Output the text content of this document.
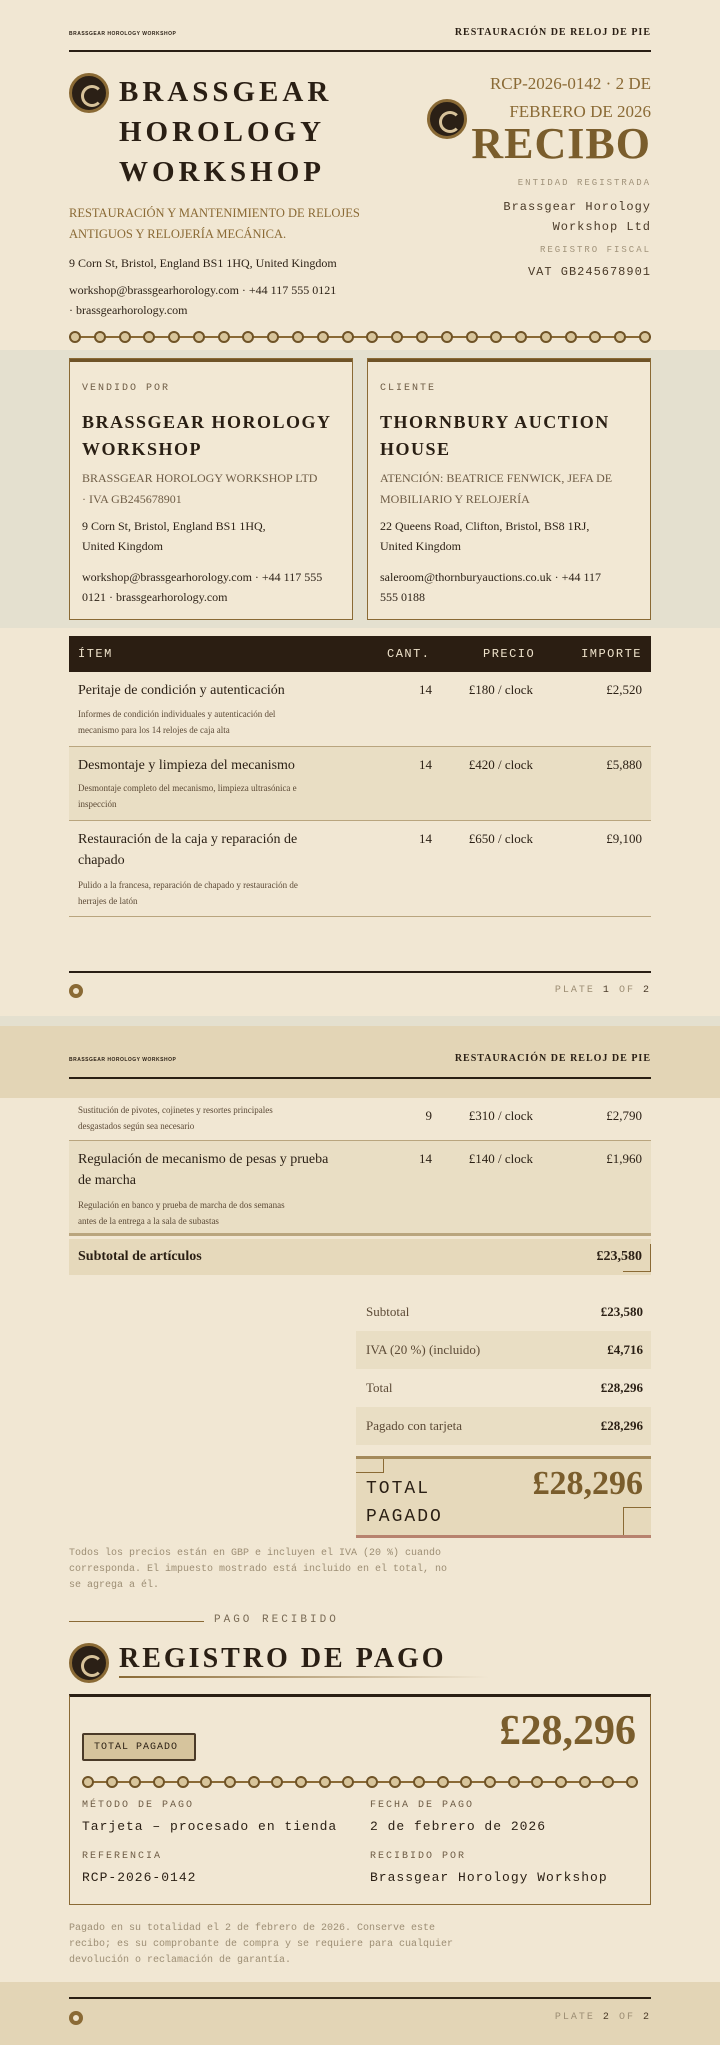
BRASSGEAR HOROLOGY WORKSHOP	RESTAURACIÓN DE RELOJ DE PIE
BRASSGEAR
HOROLOGY
WORKSHOP
RESTAURACIÓN Y MANTENIMIENTO DE RELOJES
ANTIGUOS Y RELOJERÍA MECÁNICA.
9 Corn St, Bristol, England BS1 1HQ, United Kingdom
workshop@brassgearhorology.com · +44 117 555 0121
· brassgearhorology.com
RCP-2026-0142 · 2 DE
FEBRERO DE 2026
RECIBO
ENTIDAD REGISTRADA
Brassgear Horology
Workshop Ltd
REGISTRO FISCAL
VAT GB245678901
VENDIDO POR
BRASSGEAR HOROLOGY
WORKSHOP
BRASSGEAR HOROLOGY WORKSHOP LTD
· IVA GB245678901
9 Corn St, Bristol, England BS1 1HQ,
United Kingdom
workshop@brassgearhorology.com · +44 117 555
0121 · brassgearhorology.com
CLIENTE
THORNBURY AUCTION
HOUSE
ATENCIÓN: BEATRICE FENWICK, JEFA DE
MOBILIARIO Y RELOJERÍA
22 Queens Road, Clifton, Bristol, BS8 1RJ,
United Kingdom
saleroom@thornburyauctions.co.uk · +44 117
555 0188
ÍTEM	CANT.	PRECIO	IMPORTE
Peritaje de condición y autenticación
Informes de condición individuales y autenticación del
mecanismo para los 14 relojes de caja alta
14	£180 / clock	£2,520
Desmontaje y limpieza del mecanismo
Desmontaje completo del mecanismo, limpieza ultrasónica e
inspección
14	£420 / clock	£5,880
Restauración de la caja y reparación de
chapado
Pulido a la francesa, reparación de chapado y restauración de
herrajes de latón
14	£650 / clock	£9,100
PLATE 1 OF 2
BRASSGEAR HOROLOGY WORKSHOP	RESTAURACIÓN DE RELOJ DE PIE
Sustitución de pivotes, cojinetes y resortes principales
desgastados según sea necesario
9	£310 / clock	£2,790
Regulación de mecanismo de pesas y prueba
de marcha
Regulación en banco y prueba de marcha de dos semanas
antes de la entrega a la sala de subastas
14	£140 / clock	£1,960
Subtotal de artículos	£23,580
Subtotal	£23,580
IVA (20 %) (incluido)	£4,716
Total	£28,296
Pagado con tarjeta	£28,296
TOTAL
PAGADO
£28,296
Todos los precios están en GBP e incluyen el IVA (20 %) cuando
corresponda. El impuesto mostrado está incluido en el total, no
se agrega a él.
PAGO RECIBIDO
REGISTRO DE PAGO
TOTAL PAGADO	£28,296
MÉTODO DE PAGO
Tarjeta – procesado en tienda
FECHA DE PAGO
2 de febrero de 2026
REFERENCIA
RCP-2026-0142
RECIBIDO POR
Brassgear Horology Workshop
Pagado en su totalidad el 2 de febrero de 2026. Conserve este
recibo; es su comprobante de compra y se requiere para cualquier
devolución o reclamación de garantía.
PLATE 2 OF 2
